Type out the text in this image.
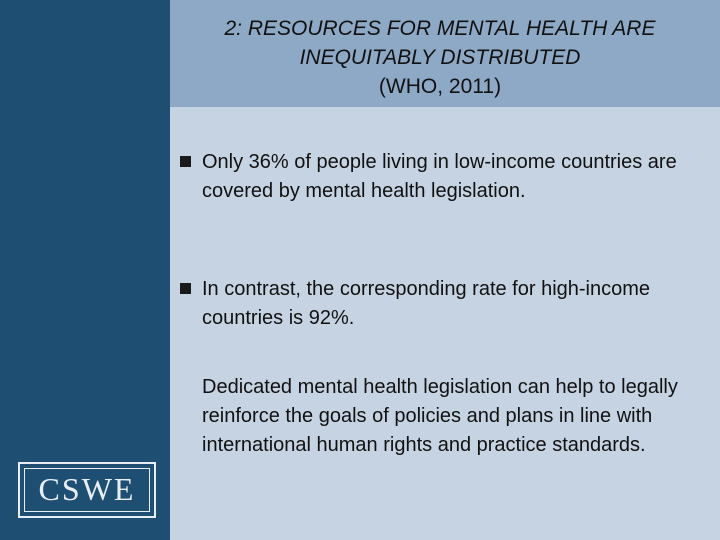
2: RESOURCES FOR MENTAL HEALTH ARE
INEQUITABLY DISTRIBUTED
(WHO, 2011)
Only 36% of people living in low-income countries are covered by mental health legislation.
In contrast, the corresponding rate for high-income countries is 92%.
Dedicated mental health legislation can help to legally reinforce the goals of policies and plans in line with international human rights and practice standards.
CSWE
